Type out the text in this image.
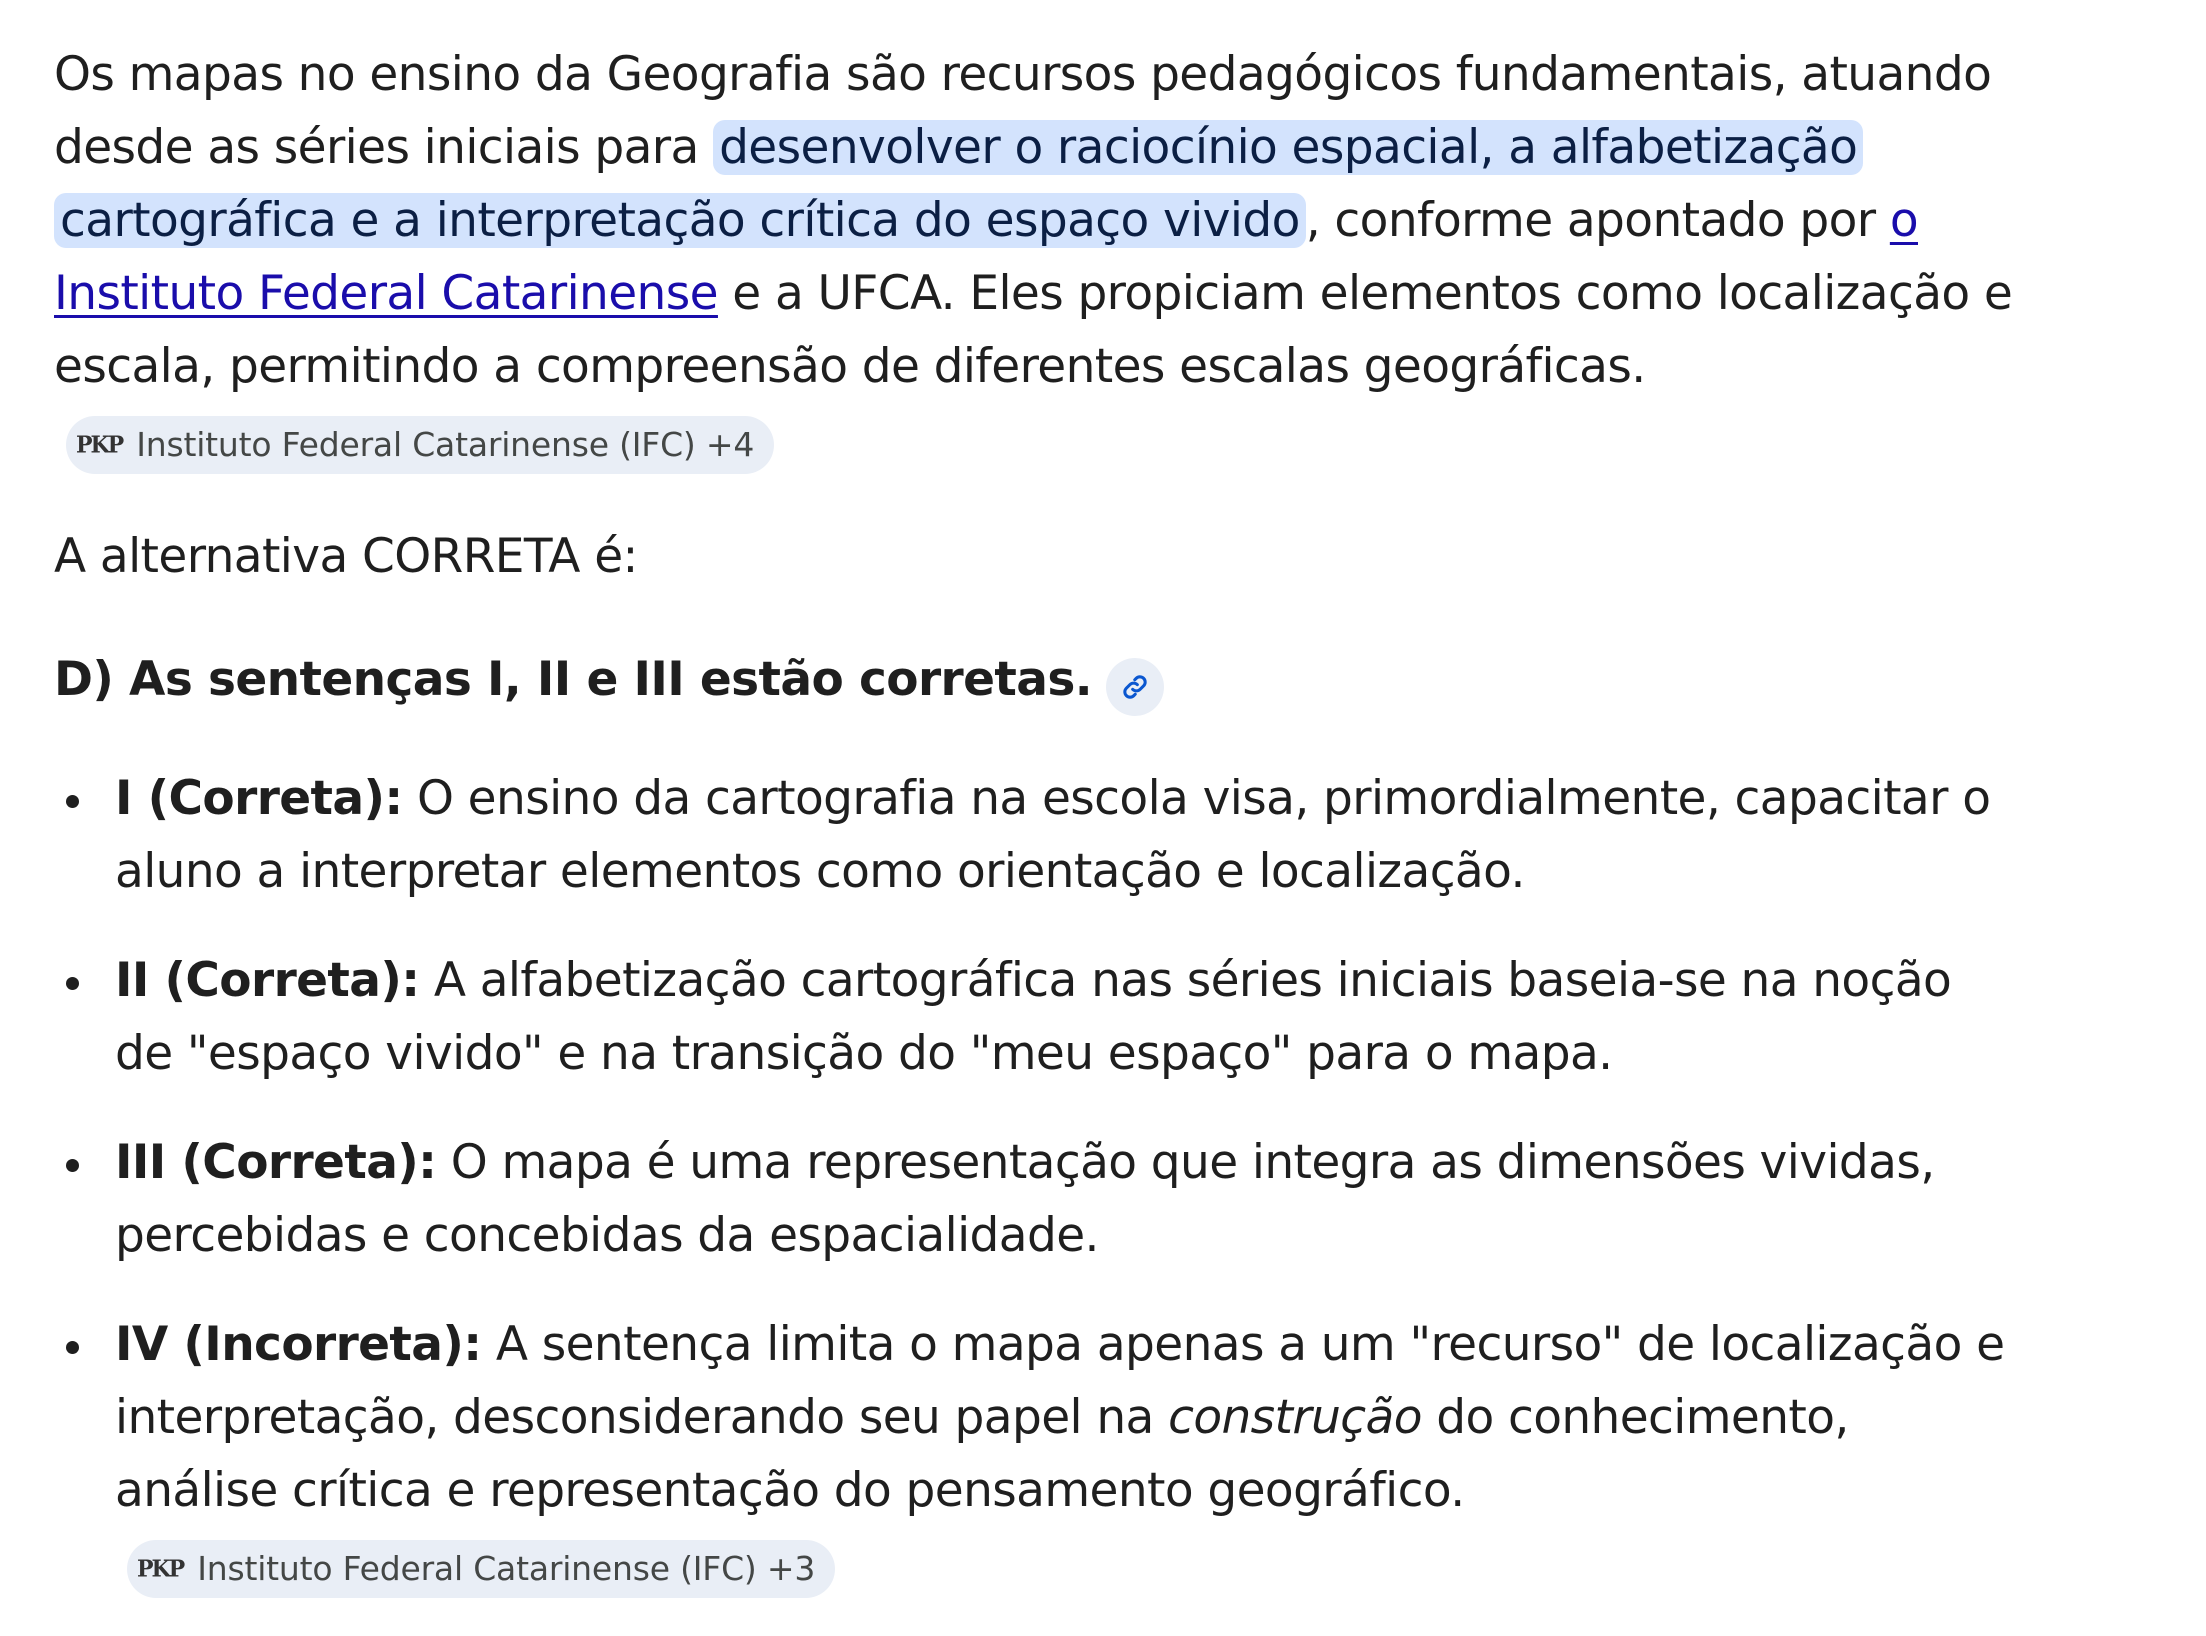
Os mapas no ensino da Geografia são recursos pedagógicos fundamentais, atuando desde as séries iniciais para desenvolver o raciocínio espacial, a alfabetização cartográfica e a interpretação crítica do espaço vivido , conforme apontado por o Instituto Federal Catarinense e a UFCA. Eles propiciam elementos como localização e escala, permitindo a compreensão de diferentes escalas geográficas.
PKP Instituto Federal Catarinense (IFC) +4

A alternativa CORRETA é:

D) As sentenças I, II e III estão corretas.

I (Correta): O ensino da cartografia na escola visa, primordialmente, capacitar o aluno a interpretar elementos como orientação e localização.
II (Correta): A alfabetização cartográfica nas séries iniciais baseia-se na noção de "espaço vivido" e na transição do "meu espaço" para o mapa.
III (Correta): O mapa é uma representação que integra as dimensões vividas, percebidas e concebidas da espacialidade.
IV (Incorreta): A sentença limita o mapa apenas a um "recurso" de localização e interpretação, desconsiderando seu papel na construção do conhecimento, análise crítica e representação do pensamento geográfico.
PKP Instituto Federal Catarinense (IFC) +3
